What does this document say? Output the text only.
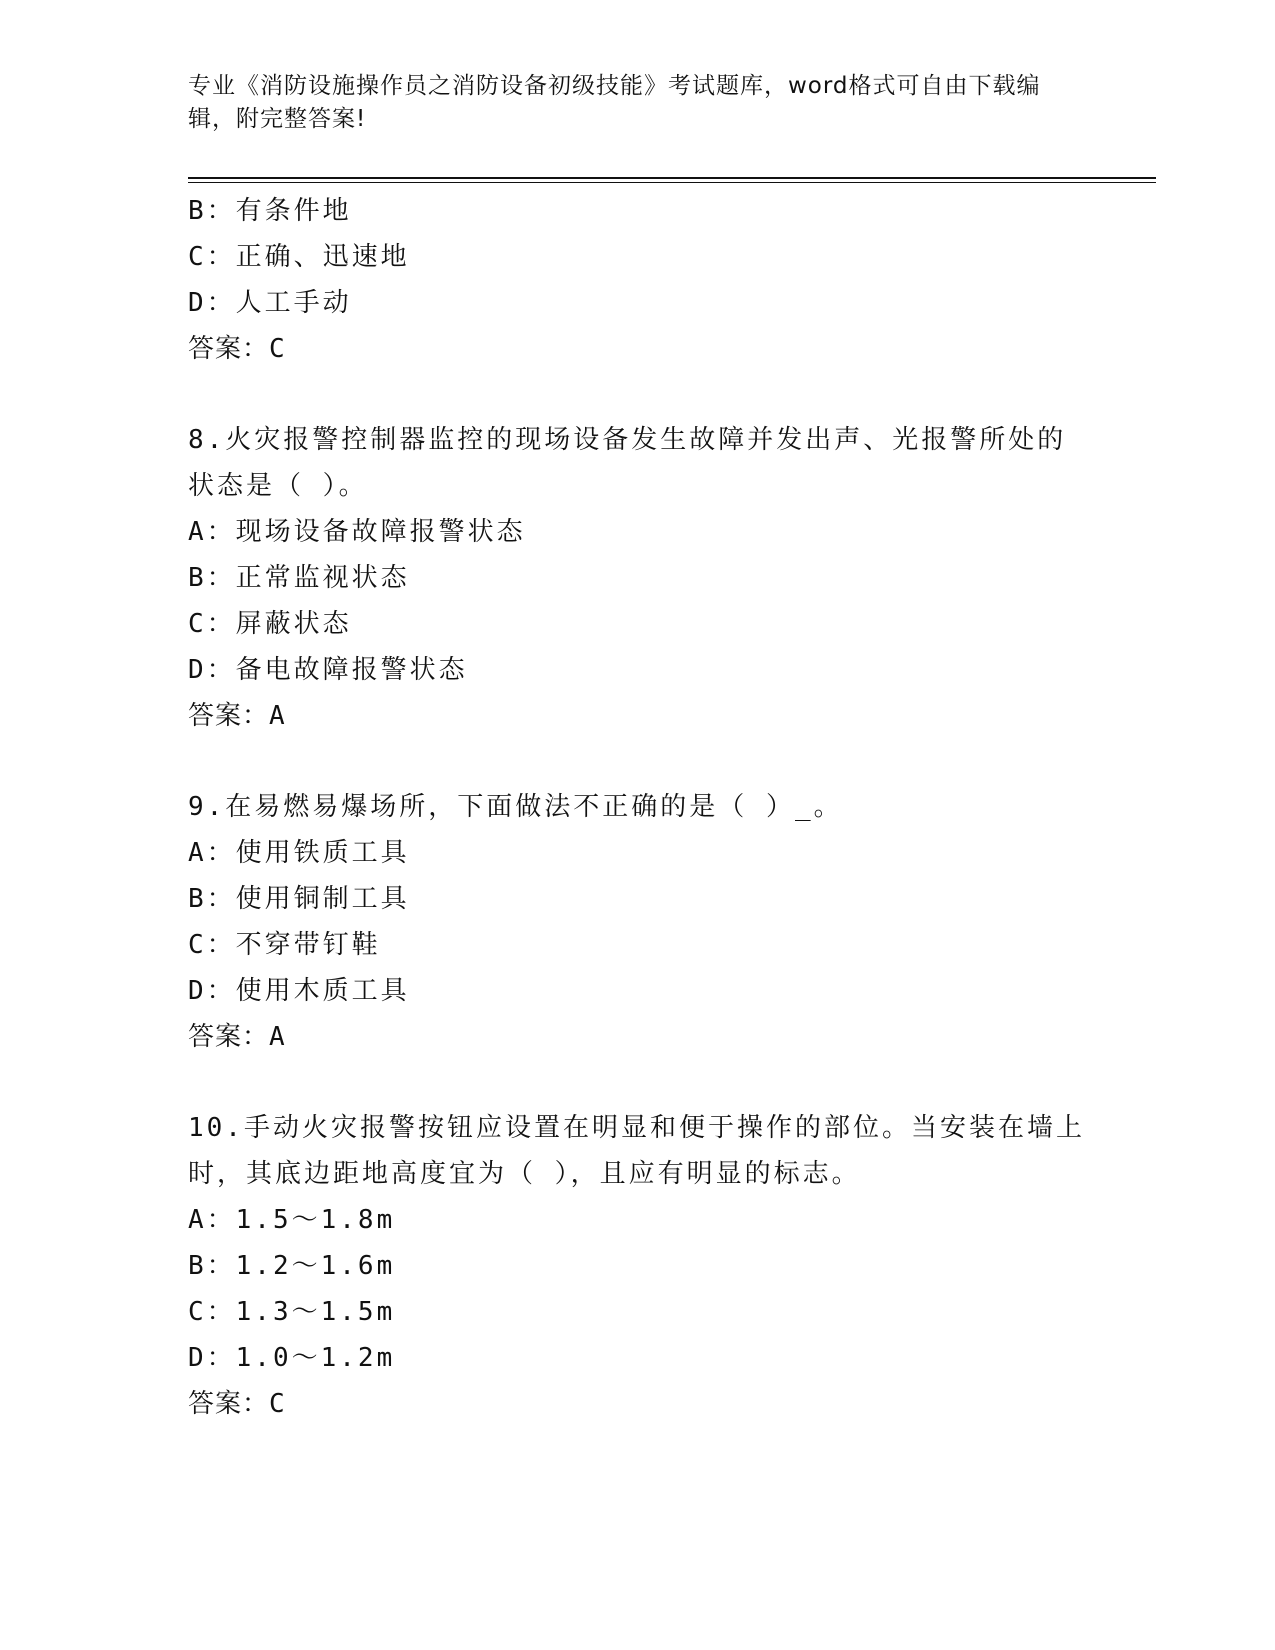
专业《消防设施操作员之消防设备初级技能》考试题库，word格式可自由下载编辑，附完整答案!
B：有条件地
C：正确、迅速地
D：人工手动
答案：C
8.火灾报警控制器监控的现场设备发生故障并发出声、光报警所处的
状态是（ ）。
A：现场设备故障报警状态
B：正常监视状态
C：屏蔽状态
D：备电故障报警状态
答案：A
9.在易燃易爆场所，下面做法不正确的是（ ）_。
A：使用铁质工具
B：使用铜制工具
C：不穿带钉鞋
D：使用木质工具
答案：A
10.手动火灾报警按钮应设置在明显和便于操作的部位。当安装在墙上
时，其底边距地高度宜为（ ），且应有明显的标志。
A：1.5～1.8m
B：1.2～1.6m
C：1.3～1.5m
D：1.0～1.2m
答案：C
